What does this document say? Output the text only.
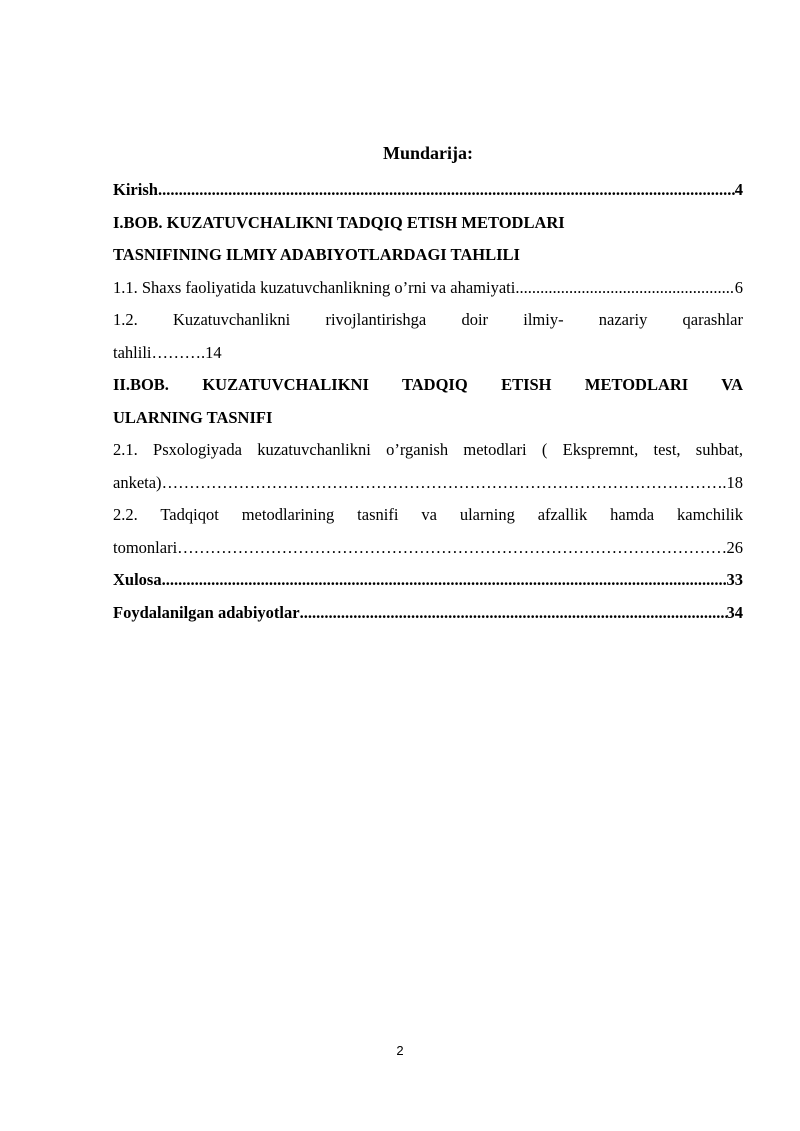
Mundarija:
Kirish .....	4
I.BOB. KUZATUVCHALIKNI TADQIQ ETISH METODLARI
TASNIFINING ILMIY ADABIYOTLARDAGI TAHLILI
1.1. Shaxs faoliyatida kuzatuvchanlikning o’rni va ahamiyati .....	6
1.2. Kuzatuvchanlikni rivojlantirishga doir ilmiy- nazariy qarashlar
tahlili……….14
II.BOB. KUZATUVCHALIKNI TADQIQ ETISH METODLARI VA
ULARNING TASNIFI
2.1. Psxologiyada kuzatuvchanlikni o’rganish metodlari ( Ekspremnt, test, suhbat,
anketa) …………………………………………………………………………………………………………………………………………………………………………………	.18
2.2. Tadqiqot metodlarining tasnifi va ularning afzallik hamda kamchilik
tomonlari …………………………………………………………………………………………………………………………………………………………………………………	26
Xulosa .....	33
Foydalanilgan adabiyotlar .....	34
2
